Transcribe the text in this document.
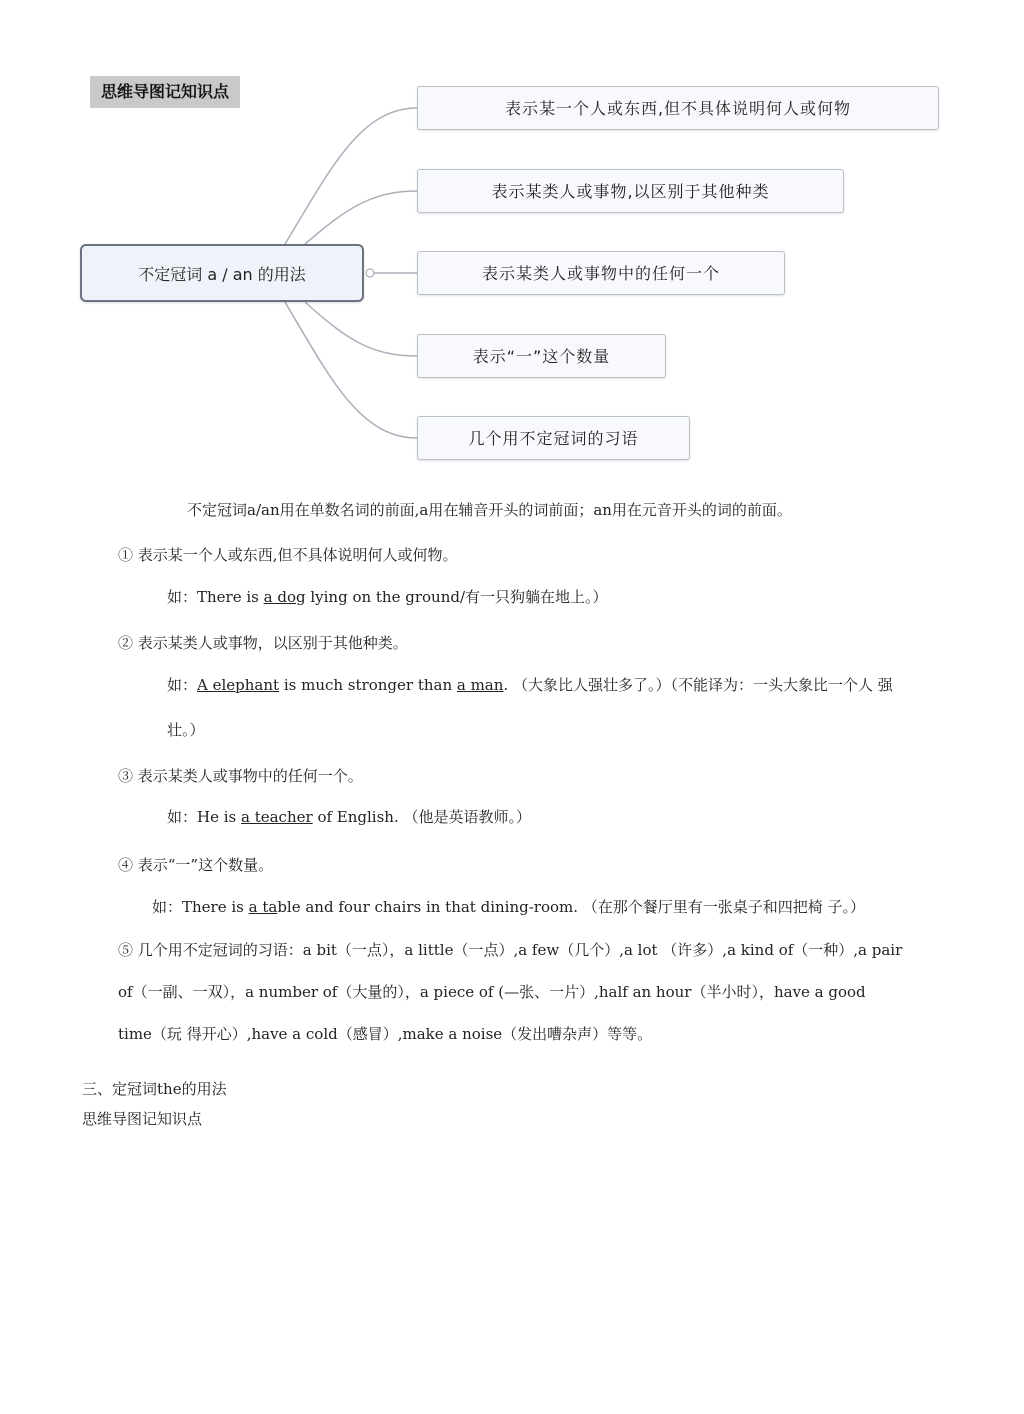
思维导图记知识点
不定冠词 a / an 的用法
表示某一个人或东西,但不具体说明何人或何物
表示某类人或事物,以区别于其他种类
表示某类人或事物中的任何一个
表示“一”这个数量
几个用不定冠词的习语
不定冠词a/an用在单数名词的前面,a用在辅音开头的词前面；an用在元音开头的词的前面。
① 表示某一个人或东西,但不具体说明何人或何物。
如：There is a dog lying on the ground/有一只狗躺在地上。）
② 表示某类人或事物，以区别于其他种类。
如：A elephant is much stronger than a man. （大象比人强壮多了。）（不能译为：一头大象比一个人 强
壮。）
③ 表示某类人或事物中的任何一个。
如：He is a teacher of English. （他是英语教师。）
④ 表示“一”这个数量。
如：There is a table and four chairs in that dining-room. （在那个餐厅里有一张桌子和四把椅 子。）
⑤ 几个用不定冠词的习语：a bit（一点），a little（一点）,a few（几个）,a lot （许多）,a kind of（一种）,a pair
of（一副、一双），a number of（大量的），a piece of (—张、一片）,half an hour（半小时），have a good
time（玩 得开心）,have a cold（感冒）,make a noise（发出嘈杂声）等等。
三、定冠词the的用法
思维导图记知识点
